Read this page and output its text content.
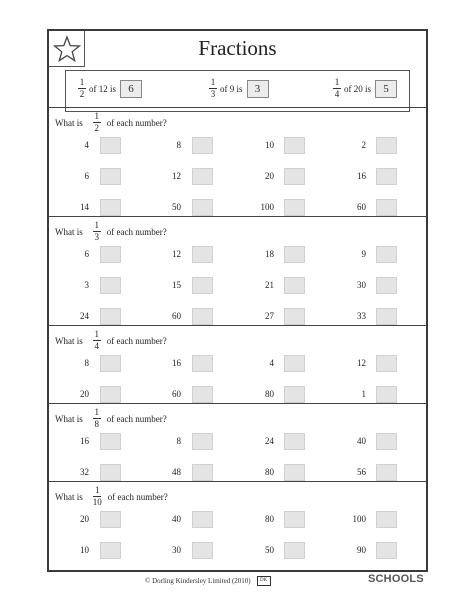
Fractions
$\frac{1}{2}$ of 12 is	6	$\frac{1}{3}$ of 9 is	3	$\frac{1}{4}$ of 20 is	5
What is $\frac{1}{2}$ of each number?
4	8	10	2
6	12	20	16
14	50	100	60
What is $\frac{1}{3}$ of each number?
6	12	18	9
3	15	21	30
24	60	27	33
What is $\frac{1}{4}$ of each number?
8	16	4	12
20	60	80	1
What is $\frac{1}{8}$ of each number?
16	8	24	40
32	48	80	56
What is $\frac{1}{10}$ of each number?
20	40	80	100
10	30	50	90
© Dorling Kindersley Limited (2010)	DK	SCHOOLS
